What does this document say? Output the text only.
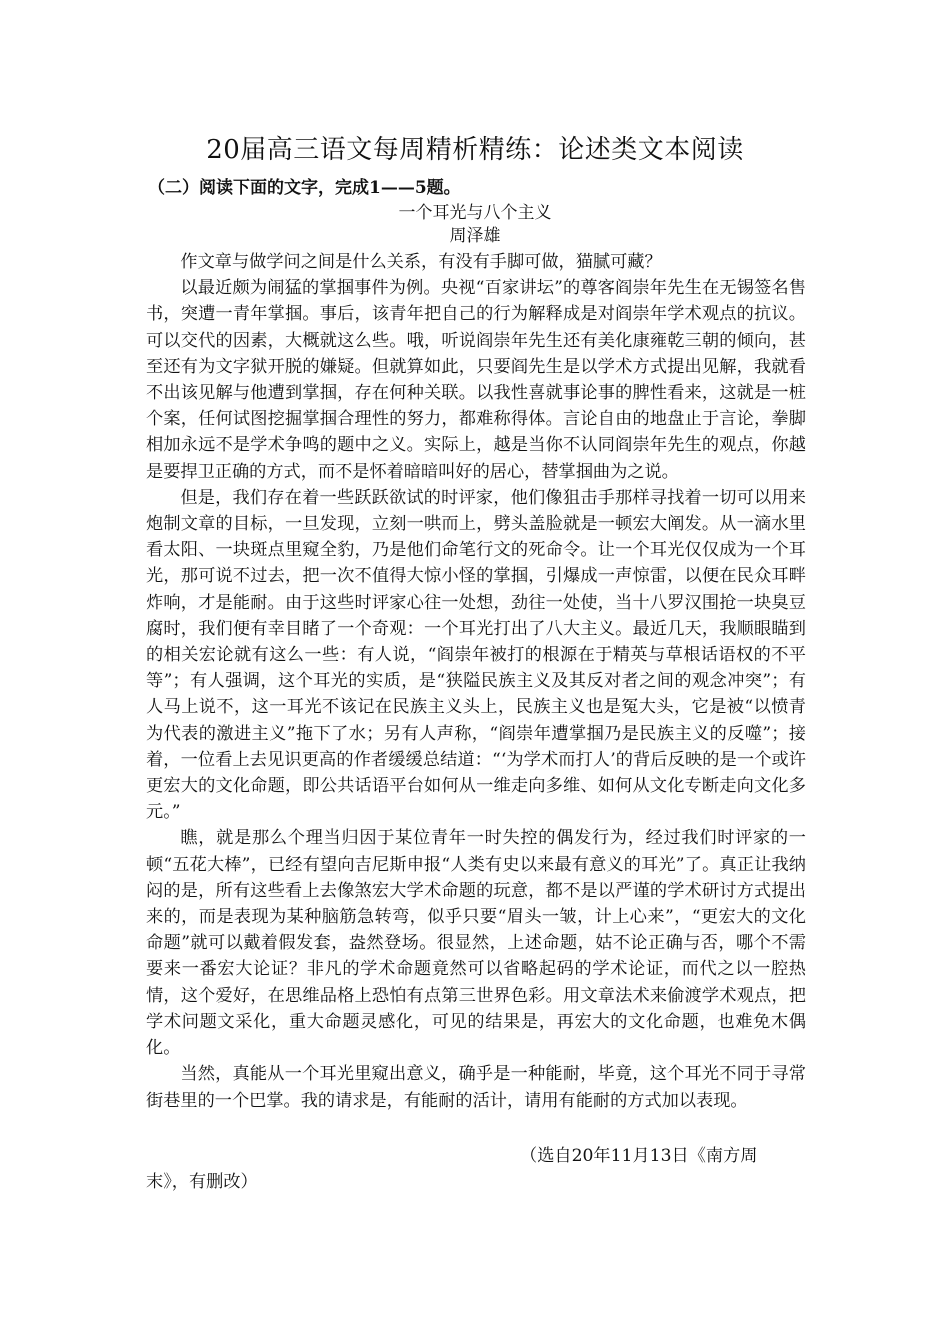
20届高三语文每周精析精练：论述类文本阅读
（二）阅读下面的文字，完成1——5题。
一个耳光与八个主义
周泽雄

作文章与做学问之间是什么关系，有没有手脚可做，猫腻可藏？

以最近颇为闹猛的掌掴事件为例。央视“百家讲坛”的尊客阎崇年先生在无锡签名售书，突遭一青年掌掴。事后，该青年把自己的行为解释成是对阎崇年学术观点的抗议。可以交代的因素，大概就这么些。哦，听说阎崇年先生还有美化康雍乾三朝的倾向，甚至还有为文字狱开脱的嫌疑。但就算如此，只要阎先生是以学术方式提出见解，我就看不出该见解与他遭到掌掴，存在何种关联。以我性喜就事论事的脾性看来，这就是一桩个案，任何试图挖掘掌掴合理性的努力，都难称得体。言论自由的地盘止于言论，拳脚相加永远不是学术争鸣的题中之义。实际上，越是当你不认同阎崇年先生的观点，你越是要捍卫正确的方式，而不是怀着暗暗叫好的居心，替掌掴曲为之说。

但是，我们存在着一些跃跃欲试的时评家，他们像狙击手那样寻找着一切可以用来炮制文章的目标，一旦发现，立刻一哄而上，劈头盖脸就是一顿宏大阐发。从一滴水里看太阳、一块斑点里窥全豹，乃是他们命笔行文的死命令。让一个耳光仅仅成为一个耳光，那可说不过去，把一次不值得大惊小怪的掌掴，引爆成一声惊雷，以便在民众耳畔炸响，才是能耐。由于这些时评家心往一处想，劲往一处使，当十八罗汉围抢一块臭豆腐时，我们便有幸目睹了一个奇观：一个耳光打出了八大主义。最近几天，我顺眼瞄到的相关宏论就有这么一些：有人说，“阎崇年被打的根源在于精英与草根话语权的不平等”；有人强调，这个耳光的实质，是“狭隘民族主义及其反对者之间的观念冲突”；有人马上说不，这一耳光不该记在民族主义头上，民族主义也是冤大头，它是被“以愤青为代表的激进主义”拖下了水；另有人声称，“阎崇年遭掌掴乃是民族主义的反噬”；接着，一位看上去见识更高的作者缓缓总结道：“‘为学术而打人’的背后反映的是一个或许更宏大的文化命题，即公共话语平台如何从一维走向多维、如何从文化专断走向文化多元。”

瞧，就是那么个理当归因于某位青年一时失控的偶发行为，经过我们时评家的一顿“五花大棒”，已经有望向吉尼斯申报“人类有史以来最有意义的耳光”了。真正让我纳闷的是，所有这些看上去像煞宏大学术命题的玩意，都不是以严谨的学术研讨方式提出来的，而是表现为某种脑筋急转弯，似乎只要“眉头一皱，计上心来”，“更宏大的文化命题”就可以戴着假发套，盎然登场。很显然，上述命题，姑不论正确与否，哪个不需要来一番宏大论证？非凡的学术命题竟然可以省略起码的学术论证，而代之以一腔热情，这个爱好，在思维品格上恐怕有点第三世界色彩。用文章法术来偷渡学术观点，把学术问题文采化，重大命题灵感化，可见的结果是，再宏大的文化命题，也难免木偶化。

当然，真能从一个耳光里窥出意义，确乎是一种能耐，毕竟，这个耳光不同于寻常街巷里的一个巴掌。我的请求是，有能耐的活计，请用有能耐的方式加以表现。

（选自20年11月13日《南方周末》，有删改）
